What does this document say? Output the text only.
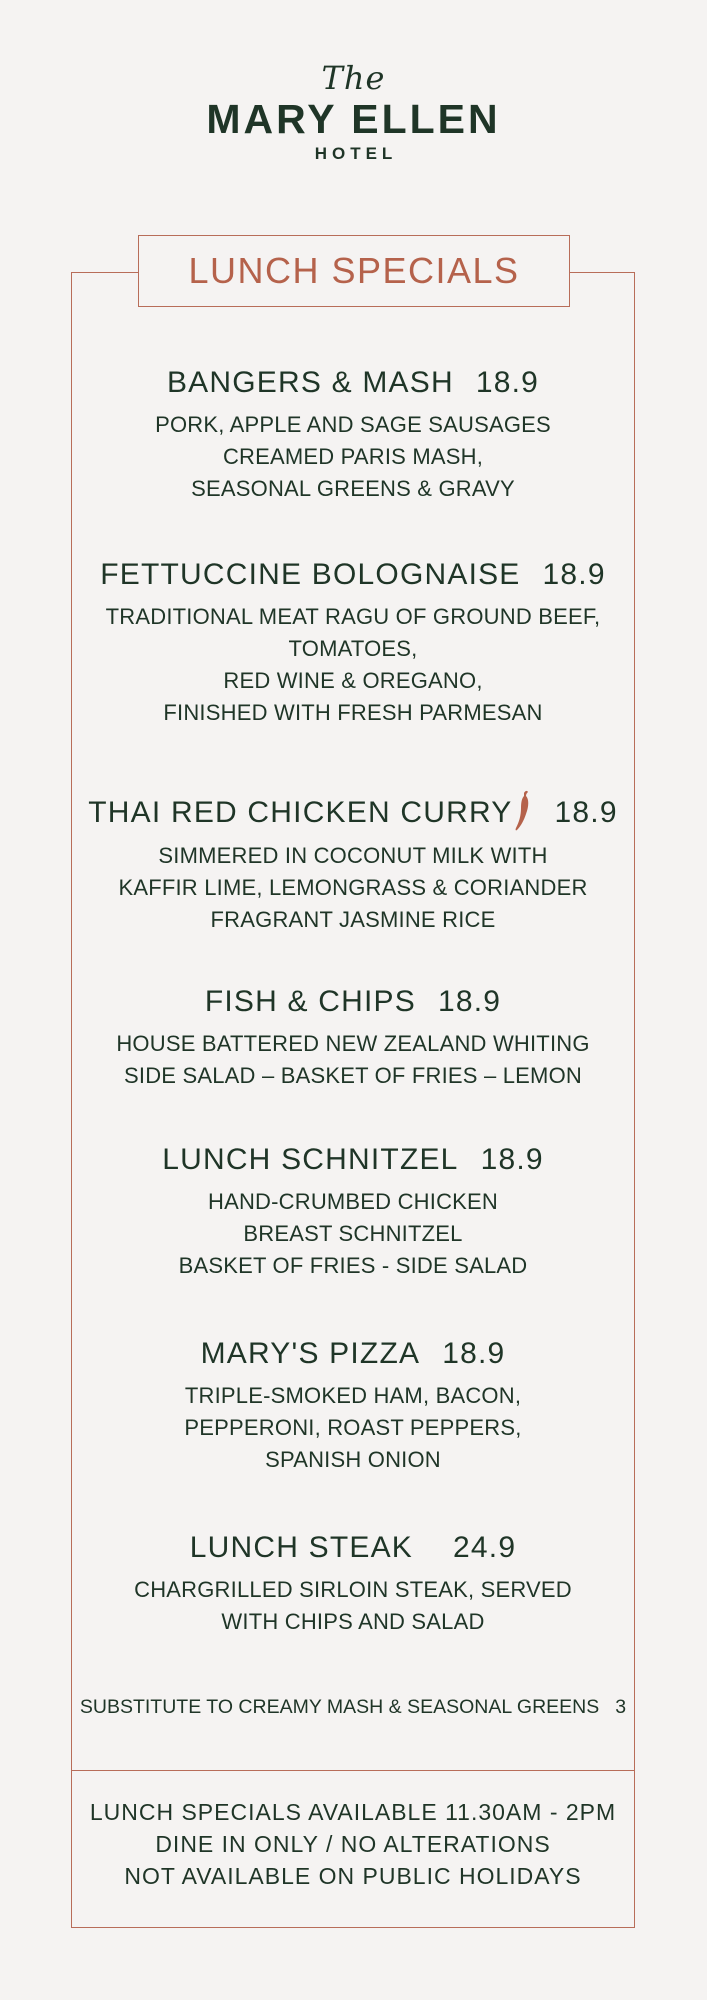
The
MARY ELLEN
HOTEL
LUNCH SPECIALS
BANGERS & MASH 18.9
PORK, APPLE AND SAGE SAUSAGES
CREAMED PARIS MASH,
SEASONAL GREENS & GRAVY
FETTUCCINE BOLOGNAISE 18.9
TRADITIONAL MEAT RAGU OF GROUND BEEF,
TOMATOES,
RED WINE & OREGANO,
FINISHED WITH FRESH PARMESAN
THAI RED CHICKEN CURRY 18.9
SIMMERED IN COCONUT MILK WITH
KAFFIR LIME, LEMONGRASS & CORIANDER
FRAGRANT JASMINE RICE
FISH & CHIPS 18.9
HOUSE BATTERED NEW ZEALAND WHITING
SIDE SALAD – BASKET OF FRIES – LEMON
LUNCH SCHNITZEL 18.9
HAND-CRUMBED CHICKEN
BREAST SCHNITZEL
BASKET OF FRIES - SIDE SALAD
MARY'S PIZZA 18.9
TRIPLE-SMOKED HAM, BACON,
PEPPERONI, ROAST PEPPERS,
SPANISH ONION
LUNCH STEAK 24.9
CHARGRILLED SIRLOIN STEAK, SERVED
WITH CHIPS AND SALAD
SUBSTITUTE TO CREAMY MASH & SEASONAL GREENS 3
LUNCH SPECIALS AVAILABLE 11.30AM - 2PM
DINE IN ONLY / NO ALTERATIONS
NOT AVAILABLE ON PUBLIC HOLIDAYS
